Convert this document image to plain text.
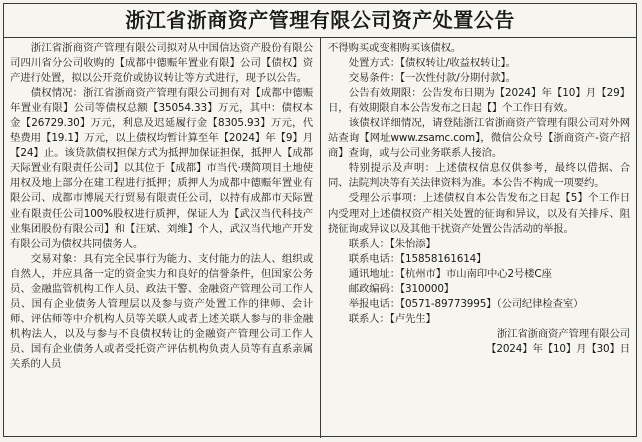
浙江省浙商资产管理有限公司资产处置公告

浙江省浙商资产管理有限公司拟对从中国信达资产股份有限公司四川省分公司收购的【成都中德赈年置业有限】公司【债权】资产进行处置，拟以公开竞价或协议转让等方式进行，现予以公告。

债权情况：浙江省浙商资产管理有限公司拥有对【成都中德赈年置业有限】公司等债权总额【35054.33】万元，其中：债权本金【26729.30】万元，利息及迟延履行金【8305.93】万元，代垫费用【19.1】万元，以上债权均暂计算至年【2024】年【9】月【24】止。该贷款债权担保方式为抵押加保证担保，抵押人【成都天际置业有限责任公司】以其位于【成都】市当代·璞简项目土地使用权及地上部分在建工程进行抵押；质押人为成都中德赈年置业有限公司、成都市博展天行贸易有限责任公司，以持有成都市天际置业有限责任公司100%股权进行质押，保证人为【武汉当代科技产业集团股份有限公司】和【汪斌、刘维】个人，武汉当代地产开发有限公司为债权共同债务人。

交易对象：具有完全民事行为能力、支付能力的法人、组织或自然人，并应具备一定的资金实力和良好的信誉条件，但国家公务员、金融监管机构工作人员、政法干警、金融资产管理公司工作人员、国有企业债务人管理层以及参与资产处置工作的律师、会计师、评估师等中介机构人员等关联人或者上述关联人参与的非金融机构法人，以及与参与不良债权转让的金融资产管理公司工作人员、国有企业债务人或者受托资产评估机构负责人员等有直系亲属关系的人员

不得购买或变相购买该债权。

处置方式：【债权转让/收益权转让】。

交易条件：【一次性付款/分期付款】。

公告有效期限：公告发布日期为【2024】年【10】月【29】日，有效期限自本公告发布之日起【】个工作日有效。

该债权详细情况，请登陆浙江省浙商资产管理有限公司对外网站查询【网址www.zsamc.com】，微信公众号【浙商资产-资产招商】查询，或与公司业务联系人接洽。

特别提示及声明：上述债权信息仅供参考，最终以借据、合同、法院判决等有关法律资料为准。本公告不构成一项要约。

受理公示事项：上述债权自本公告发布之日起【5】个工作日内受理对上述债权资产相关处置的征询和异议，以及有关排斥、阻挠征询或异议以及其他干扰资产处置公告活动的举报。

联系人：【朱怡添】

联系电话：【15858161614】

通讯地址：【杭州市】市山南印中心2号楼C座

邮政编码：【310000】

举报电话：【0571-89773995】（公司纪律检查室）

联系人：【卢先生】

浙江省浙商资产管理有限公司

【2024】年【10】月【30】日
